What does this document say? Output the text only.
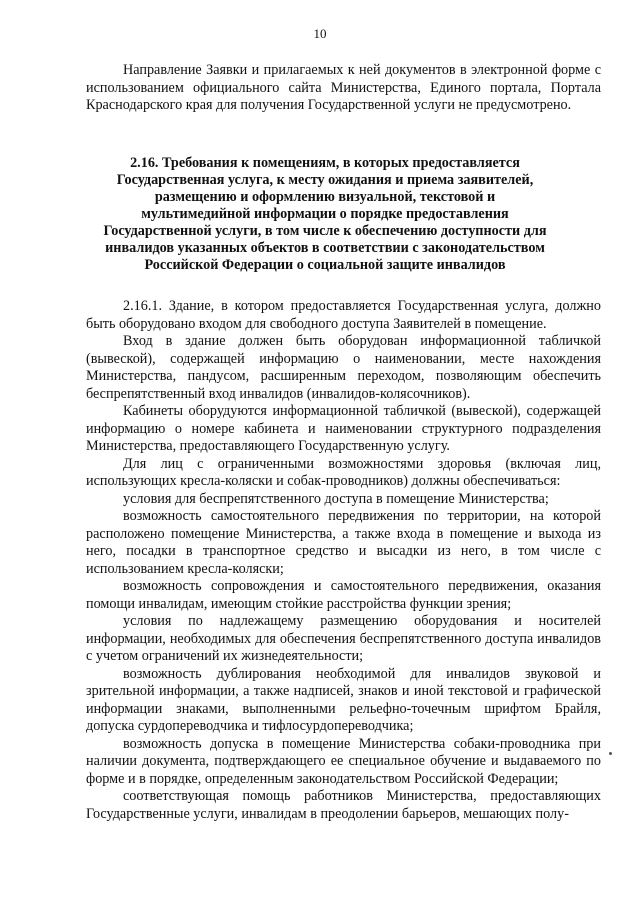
10

Направление Заявки и прилагаемых к ней документов в электронной форме с использованием официального сайта Министерства, Единого портала, Портала Краснодарского края для получения Государственной услуги не предусмотрено.

2.16. Требования к помещениям, в которых предоставляется Государственная услуга, к месту ожидания и приема заявителей, размещению и оформлению визуальной, текстовой и мультимедийной информации о порядке предоставления Государственной услуги, в том числе к обеспечению доступности для инвалидов указанных объектов в соответствии с законодательством Российской Федерации о социальной защите инвалидов

2.16.1. Здание, в котором предоставляется Государственная услуга, должно быть оборудовано входом для свободного доступа Заявителей в помещение.

Вход в здание должен быть оборудован информационной табличкой (вывеской), содержащей информацию о наименовании, месте нахождения Министерства, пандусом, расширенным переходом, позволяющим обеспечить беспрепятственный вход инвалидов (инвалидов-колясочников).

Кабинеты оборудуются информационной табличкой (вывеской), содержащей информацию о номере кабинета и наименовании структурного подразделения Министерства, предоставляющего Государственную услугу.

Для лиц с ограниченными возможностями здоровья (включая лиц, использующих кресла-коляски и собак-проводников) должны обеспечиваться:

условия для беспрепятственного доступа в помещение Министерства;

возможность самостоятельного передвижения по территории, на которой расположено помещение Министерства, а также входа в помещение и выхода из него, посадки в транспортное средство и высадки из него, в том числе с использованием кресла-коляски;

возможность сопровождения и самостоятельного передвижения, оказания помощи инвалидам, имеющим стойкие расстройства функции зрения;

условия по надлежащему размещению оборудования и носителей информации, необходимых для обеспечения беспрепятственного доступа инвалидов с учетом ограничений их жизнедеятельности;

возможность дублирования необходимой для инвалидов звуковой и зрительной информации, а также надписей, знаков и иной текстовой и графической информации знаками, выполненными рельефно-точечным шрифтом Брайля, допуска сурдопереводчика и тифлосурдопереводчика;

возможность допуска в помещение Министерства собаки-проводника при наличии документа, подтверждающего ее специальное обучение и выдаваемого по форме и в порядке, определенным законодательством Российской Федерации;

соответствующая помощь работников Министерства, предоставляющих Государственные услуги, инвалидам в преодолении барьеров, мешающих полу-
